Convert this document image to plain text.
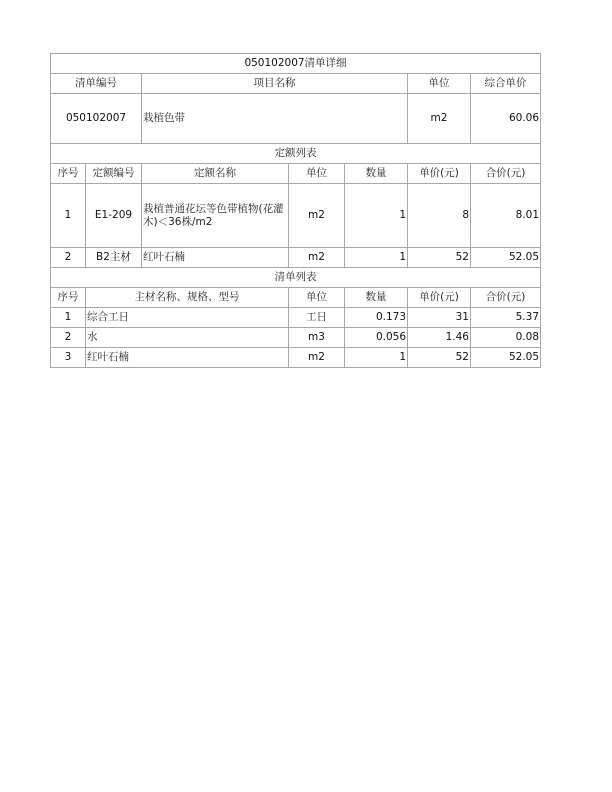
050102007清单详细						
清单编号		项目名称			单位	综合单价
050102007		栽植色带			m2	60.06
定额列表						
序号	定额编号	定额名称	单位	数量	单价(元)	合价(元)
1	E1-209	栽植普通花坛等色带植物(花灌木)＜36株/m2	m2	1	8	8.01
2	B2主材	红叶石楠	m2	1	52	52.05
清单列表						
序号	主材名称、规格、型号		单位	数量	单价(元)	合价(元)
1	综合工日		工日	0.173	31	5.37
2	水		m3	0.056	1.46	0.08
3	红叶石楠		m2	1	52	52.05
